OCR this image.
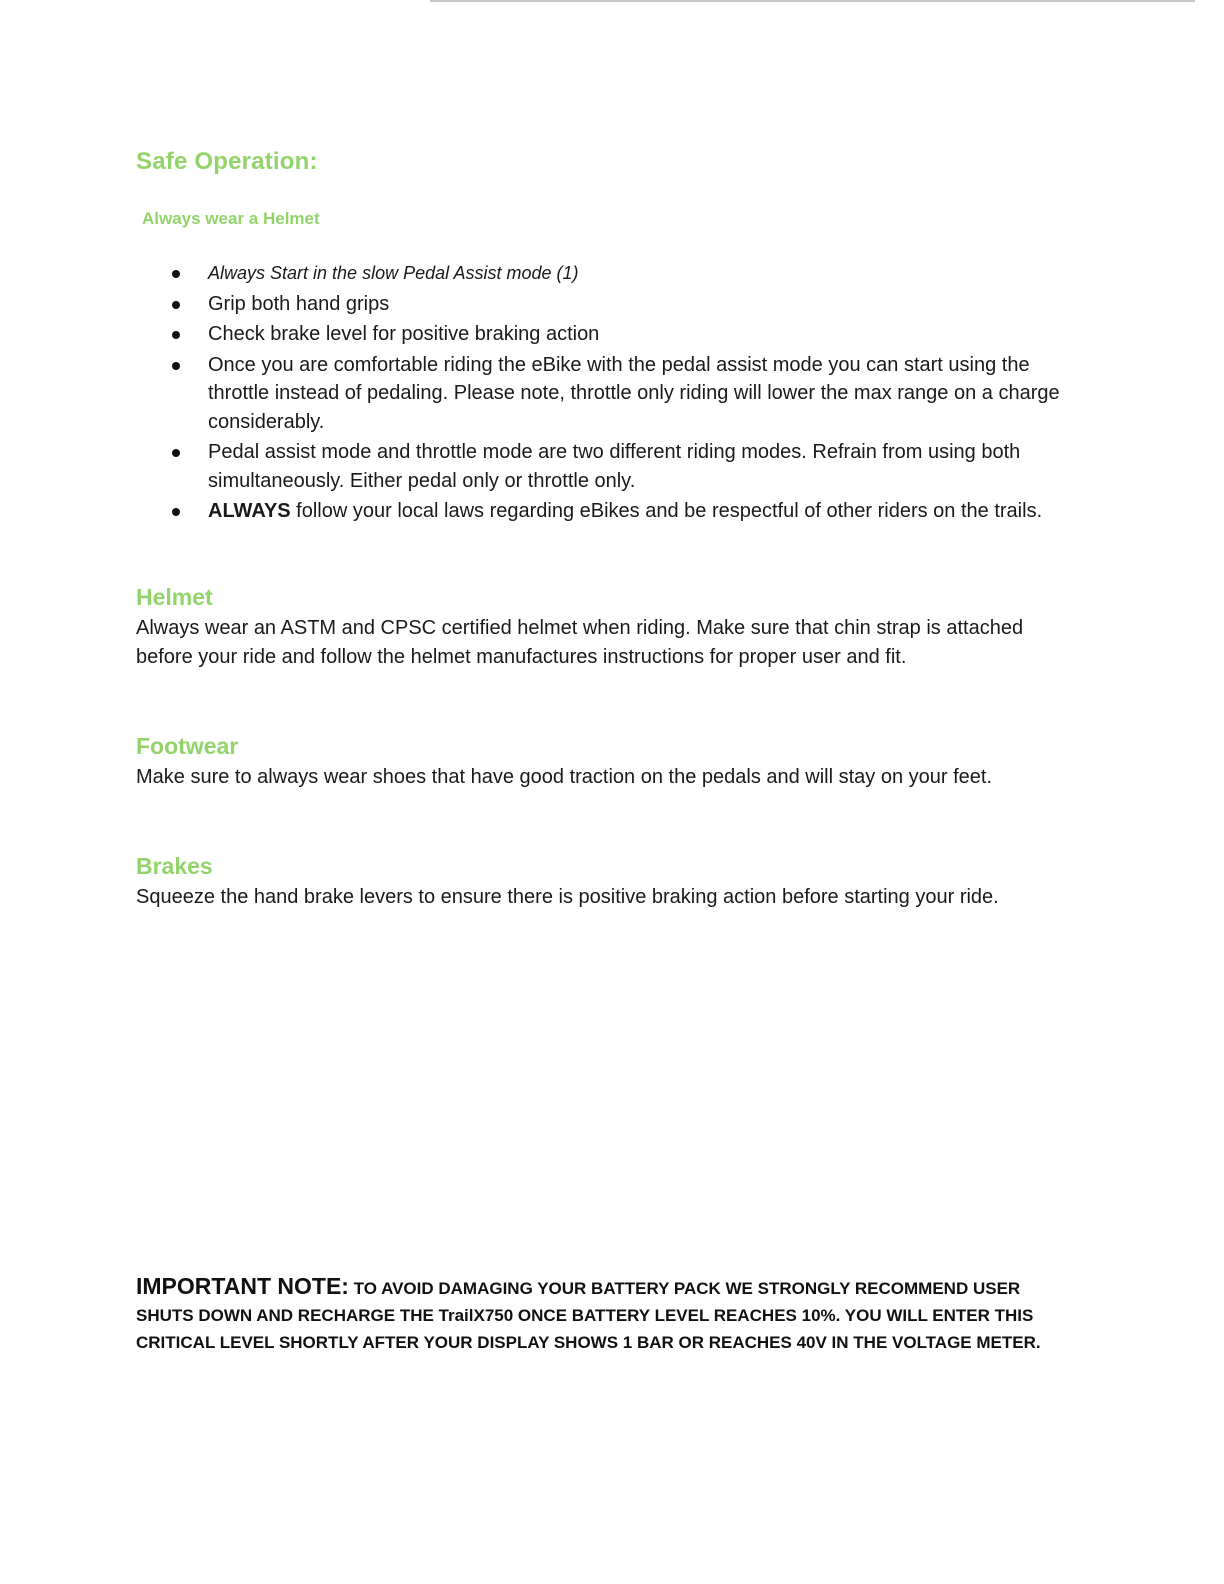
Safe Operation:
Always wear a Helmet
Always Start in the slow Pedal Assist mode (1)
Grip both hand grips
Check brake level for positive braking action
Once you are comfortable riding the eBike with the pedal assist mode you can start using the throttle instead of pedaling. Please note, throttle only riding will lower the max range on a charge considerably.
Pedal assist mode and throttle mode are two different riding modes. Refrain from using both simultaneously. Either pedal only or throttle only.
ALWAYS follow your local laws regarding eBikes and be respectful of other riders on the trails.
Helmet

Always wear an ASTM and CPSC certified helmet when riding. Make sure that chin strap is attached before your ride and follow the helmet manufactures instructions for proper user and fit.

Footwear

Make sure to always wear shoes that have good traction on the pedals and will stay on your feet.

Brakes

Squeeze the hand brake levers to ensure there is positive braking action before starting your ride.

IMPORTANT NOTE: TO AVOID DAMAGING YOUR BATTERY PACK WE STRONGLY RECOMMEND USER SHUTS DOWN AND RECHARGE THE TrailX750 ONCE BATTERY LEVEL REACHES 10%. YOU WILL ENTER THIS CRITICAL LEVEL SHORTLY AFTER YOUR DISPLAY SHOWS 1 BAR OR REACHES 40V IN THE VOLTAGE METER.
